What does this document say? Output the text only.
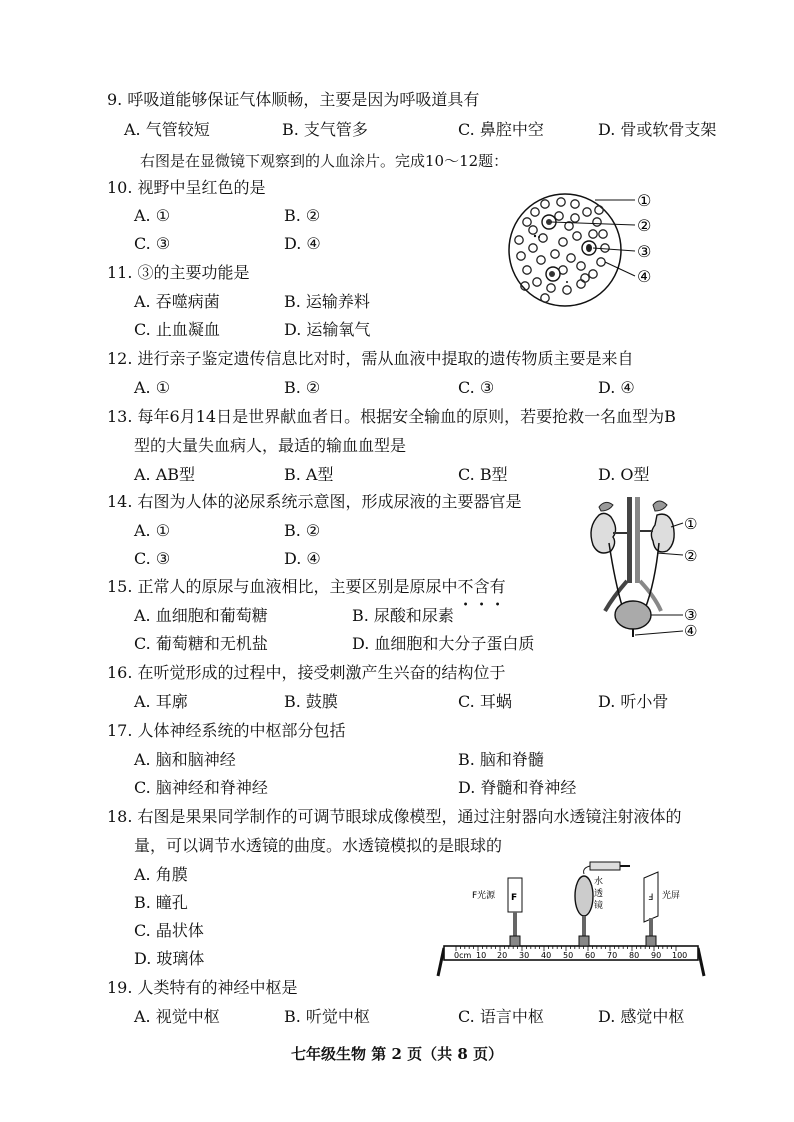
9. 呼吸道能够保证气体顺畅，主要是因为呼吸道具有
A. 气管较短	B. 支气管多	C. 鼻腔中空	D. 骨或软骨支架
右图是在显微镜下观察到的人血涂片。完成10～12题：
10. 视野中呈红色的是
A. ①	B. ②
C. ③	D. ④
11. ③的主要功能是
A. 吞噬病菌	B. 运输养料
C. 止血凝血	D. 运输氧气
①
②
③
④
12. 进行亲子鉴定遗传信息比对时，需从血液中提取的遗传物质主要是来自
A. ①	B. ②	C. ③	D. ④
13. 每年6月14日是世界献血者日。根据安全输血的原则，若要抢救一名血型为B
型的大量失血病人，最适的输血血型是
A. AB型	B. A型	C. B型	D. O型
14. 右图为人体的泌尿系统示意图，形成尿液的主要器官是
A. ①	B. ②
C. ③	D. ④
①
②
③
④
15. 正常人的原尿与血液相比，主要区别是原尿中不含有
A. 血细胞和葡萄糖	B. 尿酸和尿素
C. 葡萄糖和无机盐	D. 血细胞和大分子蛋白质
16. 在听觉形成的过程中，接受刺激产生兴奋的结构位于
A. 耳廓	B. 鼓膜	C. 耳蜗	D. 听小骨
17. 人体神经系统的中枢部分包括
A. 脑和脑神经	B. 脑和脊髓
C. 脑神经和脊神经	D. 脊髓和脊神经
18. 右图是果果同学制作的可调节眼球成像模型，通过注射器向水透镜注射液体的
量，可以调节水透镜的曲度。水透镜模拟的是眼球的
A. 角膜
B. 瞳孔
C. 晶状体
D. 玻璃体	0cm 10 20 30 40 50 60 70 80 90 100
F光源 F
水
透
镜
Ⅎ 光屏
19. 人类特有的神经中枢是
A. 视觉中枢	B. 听觉中枢	C. 语言中枢	D. 感觉中枢
七年级生物 第 2 页（共 8 页）
